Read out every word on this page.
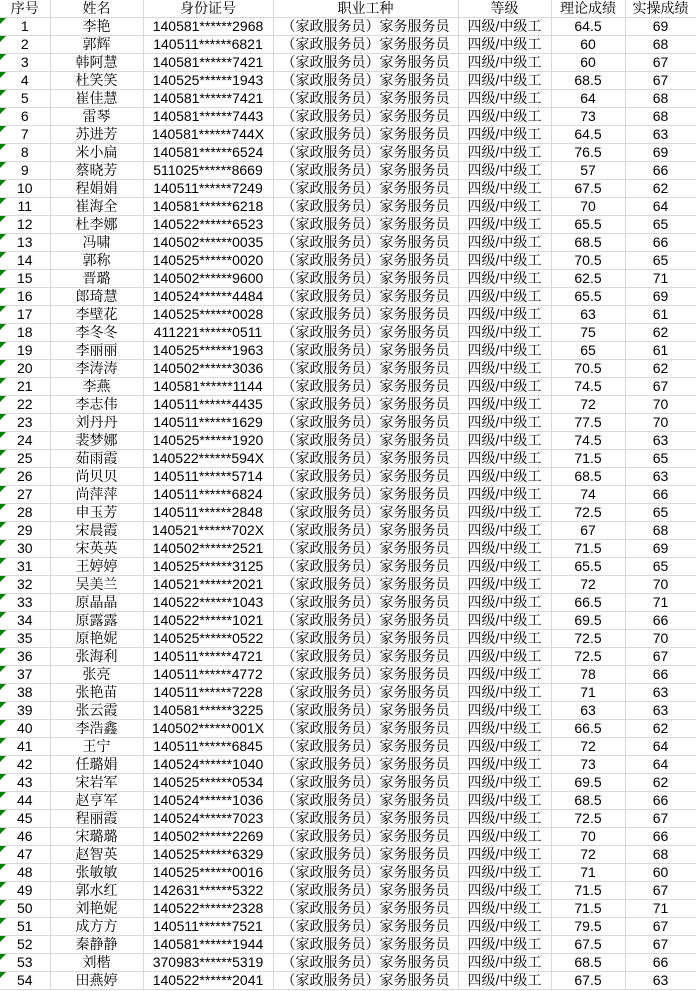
序号	姓名	身份证号	职业工种	等级	理论成绩	实操成绩

1	李艳	140581******2968	（家政服务员）家务服务员	四级/中级工	64.5	69

2	郭辉	140511******6821	（家政服务员）家务服务员	四级/中级工	60	68

3	韩阿慧	140581******7421	（家政服务员）家务服务员	四级/中级工	60	67

4	杜笑笑	140525******1943	（家政服务员）家务服务员	四级/中级工	68.5	67

5	崔佳慧	140581******7421	（家政服务员）家务服务员	四级/中级工	64	68

6	雷琴	140581******7443	（家政服务员）家务服务员	四级/中级工	73	68

7	苏进芳	140581******744X	（家政服务员）家务服务员	四级/中级工	64.5	63

8	米小扁	140581******6524	（家政服务员）家务服务员	四级/中级工	76.5	69

9	蔡晓芳	511025******8669	（家政服务员）家务服务员	四级/中级工	57	66

10	程娟娟	140511******7249	（家政服务员）家务服务员	四级/中级工	67.5	62

11	崔海全	140581******6218	（家政服务员）家务服务员	四级/中级工	70	64

12	杜李娜	140522******6523	（家政服务员）家务服务员	四级/中级工	65.5	65

13	冯啸	140502******0035	（家政服务员）家务服务员	四级/中级工	68.5	66

14	郭称	140525******0020	（家政服务员）家务服务员	四级/中级工	70.5	65

15	晋璐	140502******9600	（家政服务员）家务服务员	四级/中级工	62.5	71

16	郎琦慧	140524******4484	（家政服务员）家务服务员	四级/中级工	65.5	69

17	李壁花	140525******0028	（家政服务员）家务服务员	四级/中级工	63	61

18	李冬冬	411221******0511	（家政服务员）家务服务员	四级/中级工	75	62

19	李丽丽	140525******1963	（家政服务员）家务服务员	四级/中级工	65	61

20	李涛涛	140502******3036	（家政服务员）家务服务员	四级/中级工	70.5	62

21	李燕	140581******1144	（家政服务员）家务服务员	四级/中级工	74.5	67

22	李志伟	140511******4435	（家政服务员）家务服务员	四级/中级工	72	70

23	刘丹丹	140511******1629	（家政服务员）家务服务员	四级/中级工	77.5	70

24	裴梦娜	140525******1920	（家政服务员）家务服务员	四级/中级工	74.5	63

25	茹雨霞	140522******594X	（家政服务员）家务服务员	四级/中级工	71.5	65

26	尚贝贝	140511******5714	（家政服务员）家务服务员	四级/中级工	68.5	63

27	尚萍萍	140511******6824	（家政服务员）家务服务员	四级/中级工	74	66

28	申玉芳	140511******2848	（家政服务员）家务服务员	四级/中级工	72.5	65

29	宋晨霞	140521******702X	（家政服务员）家务服务员	四级/中级工	67	68

30	宋英英	140502******2521	（家政服务员）家务服务员	四级/中级工	71.5	69

31	王婷婷	140525******3125	（家政服务员）家务服务员	四级/中级工	65.5	65

32	吴美兰	140521******2021	（家政服务员）家务服务员	四级/中级工	72	70

33	原晶晶	140522******1043	（家政服务员）家务服务员	四级/中级工	66.5	71

34	原露露	140522******1021	（家政服务员）家务服务员	四级/中级工	69.5	66

35	原艳妮	140525******0522	（家政服务员）家务服务员	四级/中级工	72.5	70

36	张海利	140511******4721	（家政服务员）家务服务员	四级/中级工	72.5	67

37	张亮	140511******4772	（家政服务员）家务服务员	四级/中级工	78	66

38	张艳苗	140511******7228	（家政服务员）家务服务员	四级/中级工	71	63

39	张云霞	140581******3225	（家政服务员）家务服务员	四级/中级工	63	63

40	李浩鑫	140502******001X	（家政服务员）家务服务员	四级/中级工	66.5	62

41	王宁	140511******6845	（家政服务员）家务服务员	四级/中级工	72	64

42	任璐娟	140524******1040	（家政服务员）家务服务员	四级/中级工	73	64

43	宋岩军	140525******0534	（家政服务员）家务服务员	四级/中级工	69.5	62

44	赵亨军	140524******1036	（家政服务员）家务服务员	四级/中级工	68.5	66

45	程丽霞	140524******7023	（家政服务员）家务服务员	四级/中级工	72.5	67

46	宋璐璐	140502******2269	（家政服务员）家务服务员	四级/中级工	70	66

47	赵智英	140525******6329	（家政服务员）家务服务员	四级/中级工	72	68

48	张敏敏	140525******0016	（家政服务员）家务服务员	四级/中级工	71	60

49	郭水红	142631******5322	（家政服务员）家务服务员	四级/中级工	71.5	67

50	刘艳妮	140522******2328	（家政服务员）家务服务员	四级/中级工	71.5	71

51	成方方	140511******7521	（家政服务员）家务服务员	四级/中级工	79.5	67

52	秦静静	140581******1944	（家政服务员）家务服务员	四级/中级工	67.5	67

53	刘楷	370983******5319	（家政服务员）家务服务员	四级/中级工	68.5	66

54	田燕婷	140522******2041	（家政服务员）家务服务员	四级/中级工	67.5	63
